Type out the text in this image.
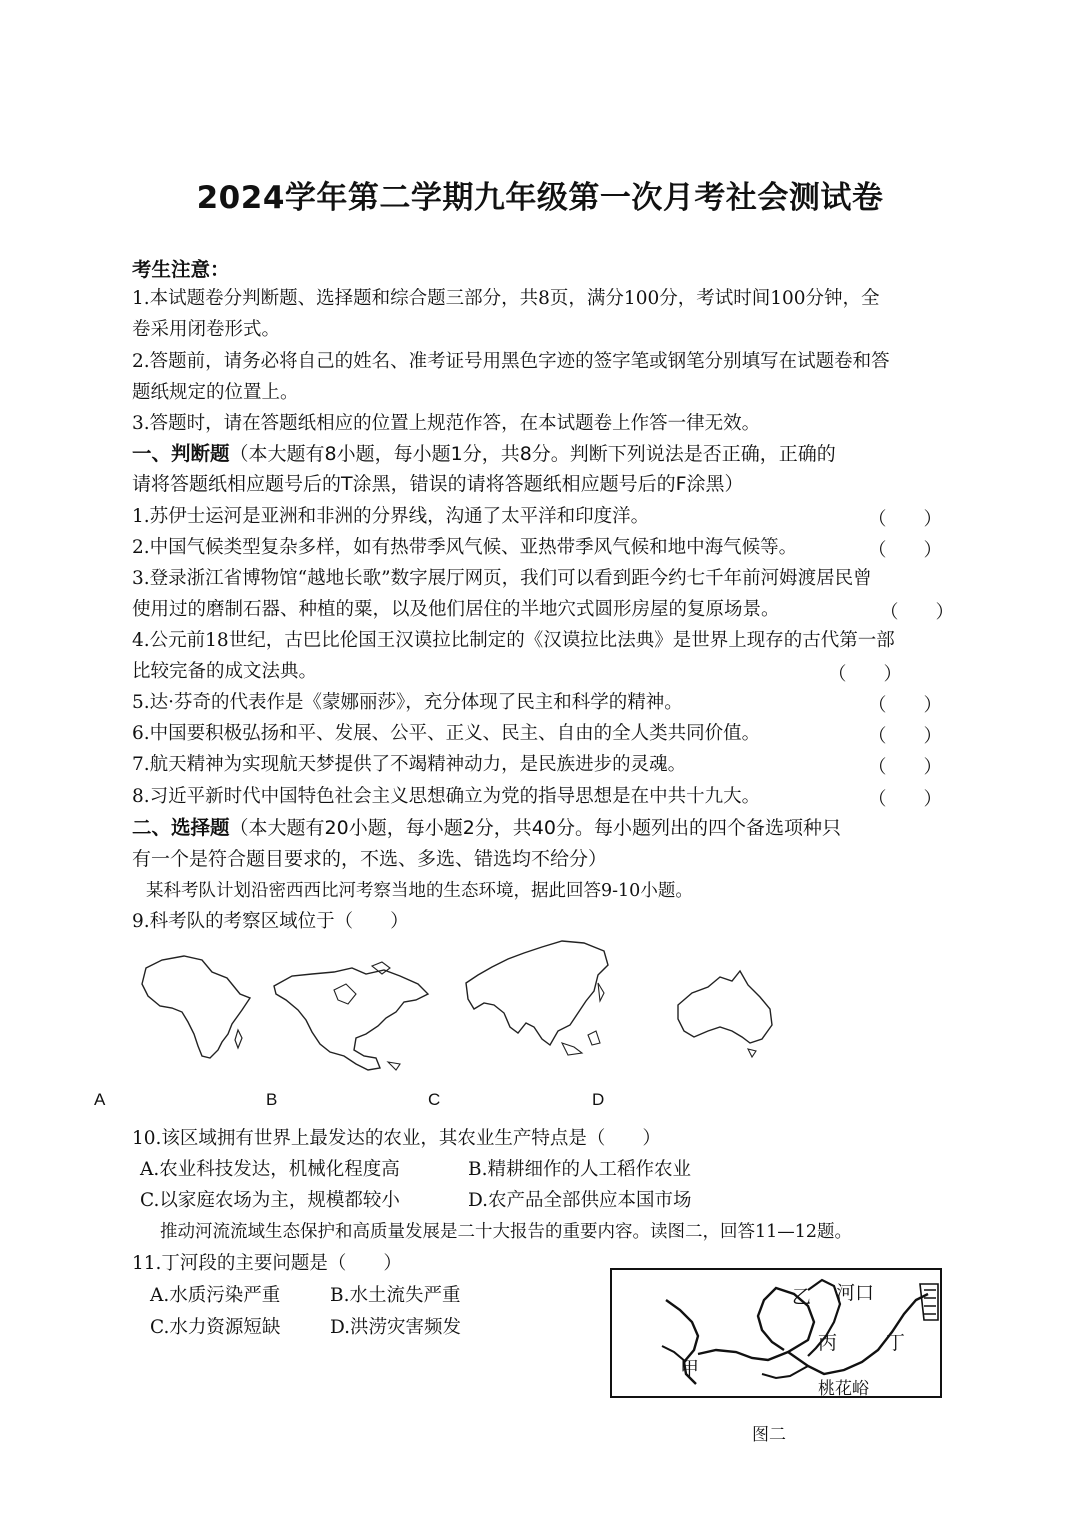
2024学年第二学期九年级第一次月考社会测试卷
考生注意：
1.本试题卷分判断题、选择题和综合题三部分，共8页，满分100分，考试时间100分钟，全
卷采用闭卷形式。
2.答题前，请务必将自己的姓名、准考证号用黑色字迹的签字笔或钢笔分别填写在试题卷和答
题纸规定的位置上。
3.答题时，请在答题纸相应的位置上规范作答，在本试题卷上作答一律无效。
一、判断题（本大题有8小题，每小题1分，共8分。判断下列说法是否正确，正确的
请将答题纸相应题号后的T涂黑，错误的请将答题纸相应题号后的F涂黑）
1.苏伊士运河是亚洲和非洲的分界线，沟通了太平洋和印度洋。	（　　）
2.中国气候类型复杂多样，如有热带季风气候、亚热带季风气候和地中海气候等。	（　　）
3.登录浙江省博物馆“越地长歌”数字展厅网页，我们可以看到距今约七千年前河姆渡居民曾
使用过的磨制石器、种植的粟，以及他们居住的半地穴式圆形房屋的复原场景。	（　　）
4.公元前18世纪，古巴比伦国王汉谟拉比制定的《汉谟拉比法典》是世界上现存的古代第一部
比较完备的成文法典。	（　　）
5.达·芬奇的代表作是《蒙娜丽莎》，充分体现了民主和科学的精神。	（　　）
6.中国要积极弘扬和平、发展、公平、正义、民主、自由的全人类共同价值。	（　　）
7.航天精神为实现航天梦提供了不竭精神动力，是民族进步的灵魂。	（　　）
8.习近平新时代中国特色社会主义思想确立为党的指导思想是在中共十九大。	（　　）
二、选择题（本大题有20小题，每小题2分，共40分。每小题列出的四个备选项种只
有一个是符合题目要求的，不选、多选、错选均不给分）
某科考队计划沿密西西比河考察当地的生态环境，据此回答9-10小题。
9.科考队的考察区域位于（　　）
A	B	C	D
10.该区域拥有世界上最发达的农业，其农业生产特点是（　　）
A.农业科技发达，机械化程度高	B.精耕细作的人工稻作农业
C.以家庭农场为主，规模都较小	D.农产品全部供应本国市场
推动河流流域生态保护和高质量发展是二十大报告的重要内容。读图二，回答11—12题。
11.丁河段的主要问题是（　　）
A.水质污染严重	B.水土流失严重
C.水力资源短缺	D.洪涝灾害频发
乙 河口
丙	丁
甲
桃花峪
图二
